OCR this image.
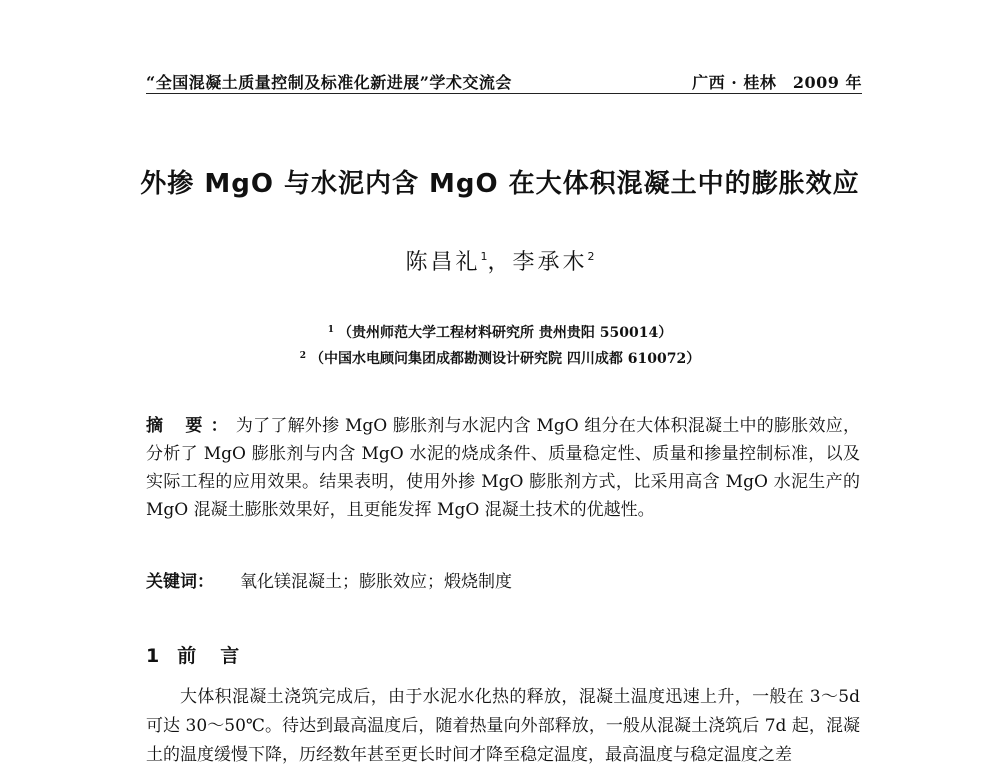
“全国混凝土质量控制及标准化新进展”学术交流会	广西 · 桂林　2009 年
外掺 MgO 与水泥内含 MgO 在大体积混凝土中的膨胀效应
陈昌礼$^1$，李承木$^2$
$^1$ （贵州师范大学工程材料研究所 贵州贵阳 550014）
$^2$ （中国水电顾问集团成都勘测设计研究院 四川成都 610072）
摘 要：为了了解外掺 MgO 膨胀剂与水泥内含 MgO 组分在大体积混凝土中的膨胀效应，分析了 MgO 膨胀剂与内含 MgO 水泥的烧成条件、质量稳定性、质量和掺量控制标准，以及实际工程的应用效果。结果表明，使用外掺 MgO 膨胀剂方式，比采用高含 MgO 水泥生产的 MgO 混凝土膨胀效果好，且更能发挥 MgO 混凝土技术的优越性。
关键词： 氧化镁混凝土；膨胀效应；煅烧制度
1 前言
大体积混凝土浇筑完成后，由于水泥水化热的释放，混凝土温度迅速上升，一般在 3～5d 可达 30～50℃。待达到最高温度后，随着热量向外部释放，一般从混凝土浇筑后 7d 起，混凝土的温度缓慢下降，历经数年甚至更长时间才降至稳定温度，最高温度与稳定温度之差
